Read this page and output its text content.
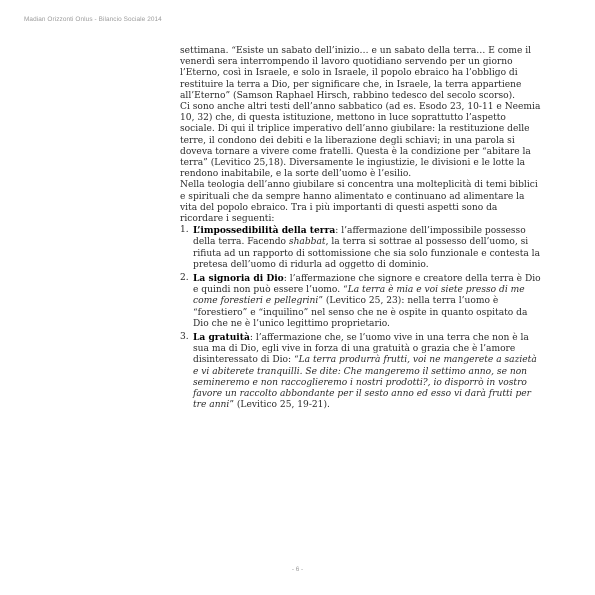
Madian Orizzonti Onlus - Bilancio Sociale 2014

settimana. “Esiste un sabato dell’inizio… e un sabato della terra… E come il venerdì sera interrompendo il lavoro quotidiano servendo per un giorno l’Eterno, così in Israele, e solo in Israele, il popolo ebraico ha l’obbligo di restituire la terra a Dio, per significare che, in Israele, la terra appartiene all’Eterno” (Samson Raphael Hirsch, rabbino tedesco del secolo scorso).

Ci sono anche altri testi dell’anno sabbatico (ad es. Esodo 23, 10-11 e Neemia 10, 32) che, di questa istituzione, mettono in luce soprattutto l’aspetto sociale. Di qui il triplice imperativo dell’anno giubilare: la restituzione delle terre, il condono dei debiti e la liberazione degli schiavi; in una parola si doveva tornare a vivere come fratelli. Questa è la condizione per “abitare la terra” (Levitico 25,18). Diversamente le ingiustizie, le divisioni e le lotte la rendono inabitabile, e la sorte dell’uomo è l’esilio.

Nella teologia dell’anno giubilare si concentra una molteplicità di temi biblici e spirituali che da sempre hanno alimentato e continuano ad alimentare la vita del popolo ebraico. Tra i più importanti di questi aspetti sono da ricordare i seguenti:

1. L’impossedibilità della terra: l’affermazione dell’impossibile possesso della terra. Facendo shabbat, la terra si sottrae al possesso dell’uomo, si rifiuta ad un rapporto di sottomissione che sia solo funzionale e contesta la pretesa dell’uomo di ridurla ad oggetto di dominio.
2. La signoria di Dio: l’affermazione che signore e creatore della terra è Dio e quindi non può essere l’uomo. “La terra è mia e voi siete presso di me come forestieri e pellegrini” (Levitico 25, 23): nella terra l’uomo è “forestiero” e “inquilino” nel senso che ne è ospite in quanto ospitato da Dio che ne è l’unico legittimo proprietario.
3. La gratuità: l’affermazione che, se l’uomo vive in una terra che non è la sua ma di Dio, egli vive in forza di una gratuità o grazia che è l’amore disinteressato di Dio: “La terra produrrà frutti, voi ne mangerete a sazietà e vi abiterete tranquilli. Se dite: Che mangeremo il settimo anno, se non semineremo e non raccoglieremo i nostri prodotti?, io disporrò in vostro favore un raccolto abbondante per il sesto anno ed esso vi darà frutti per tre anni” (Levitico 25, 19-21).
- 6 -
